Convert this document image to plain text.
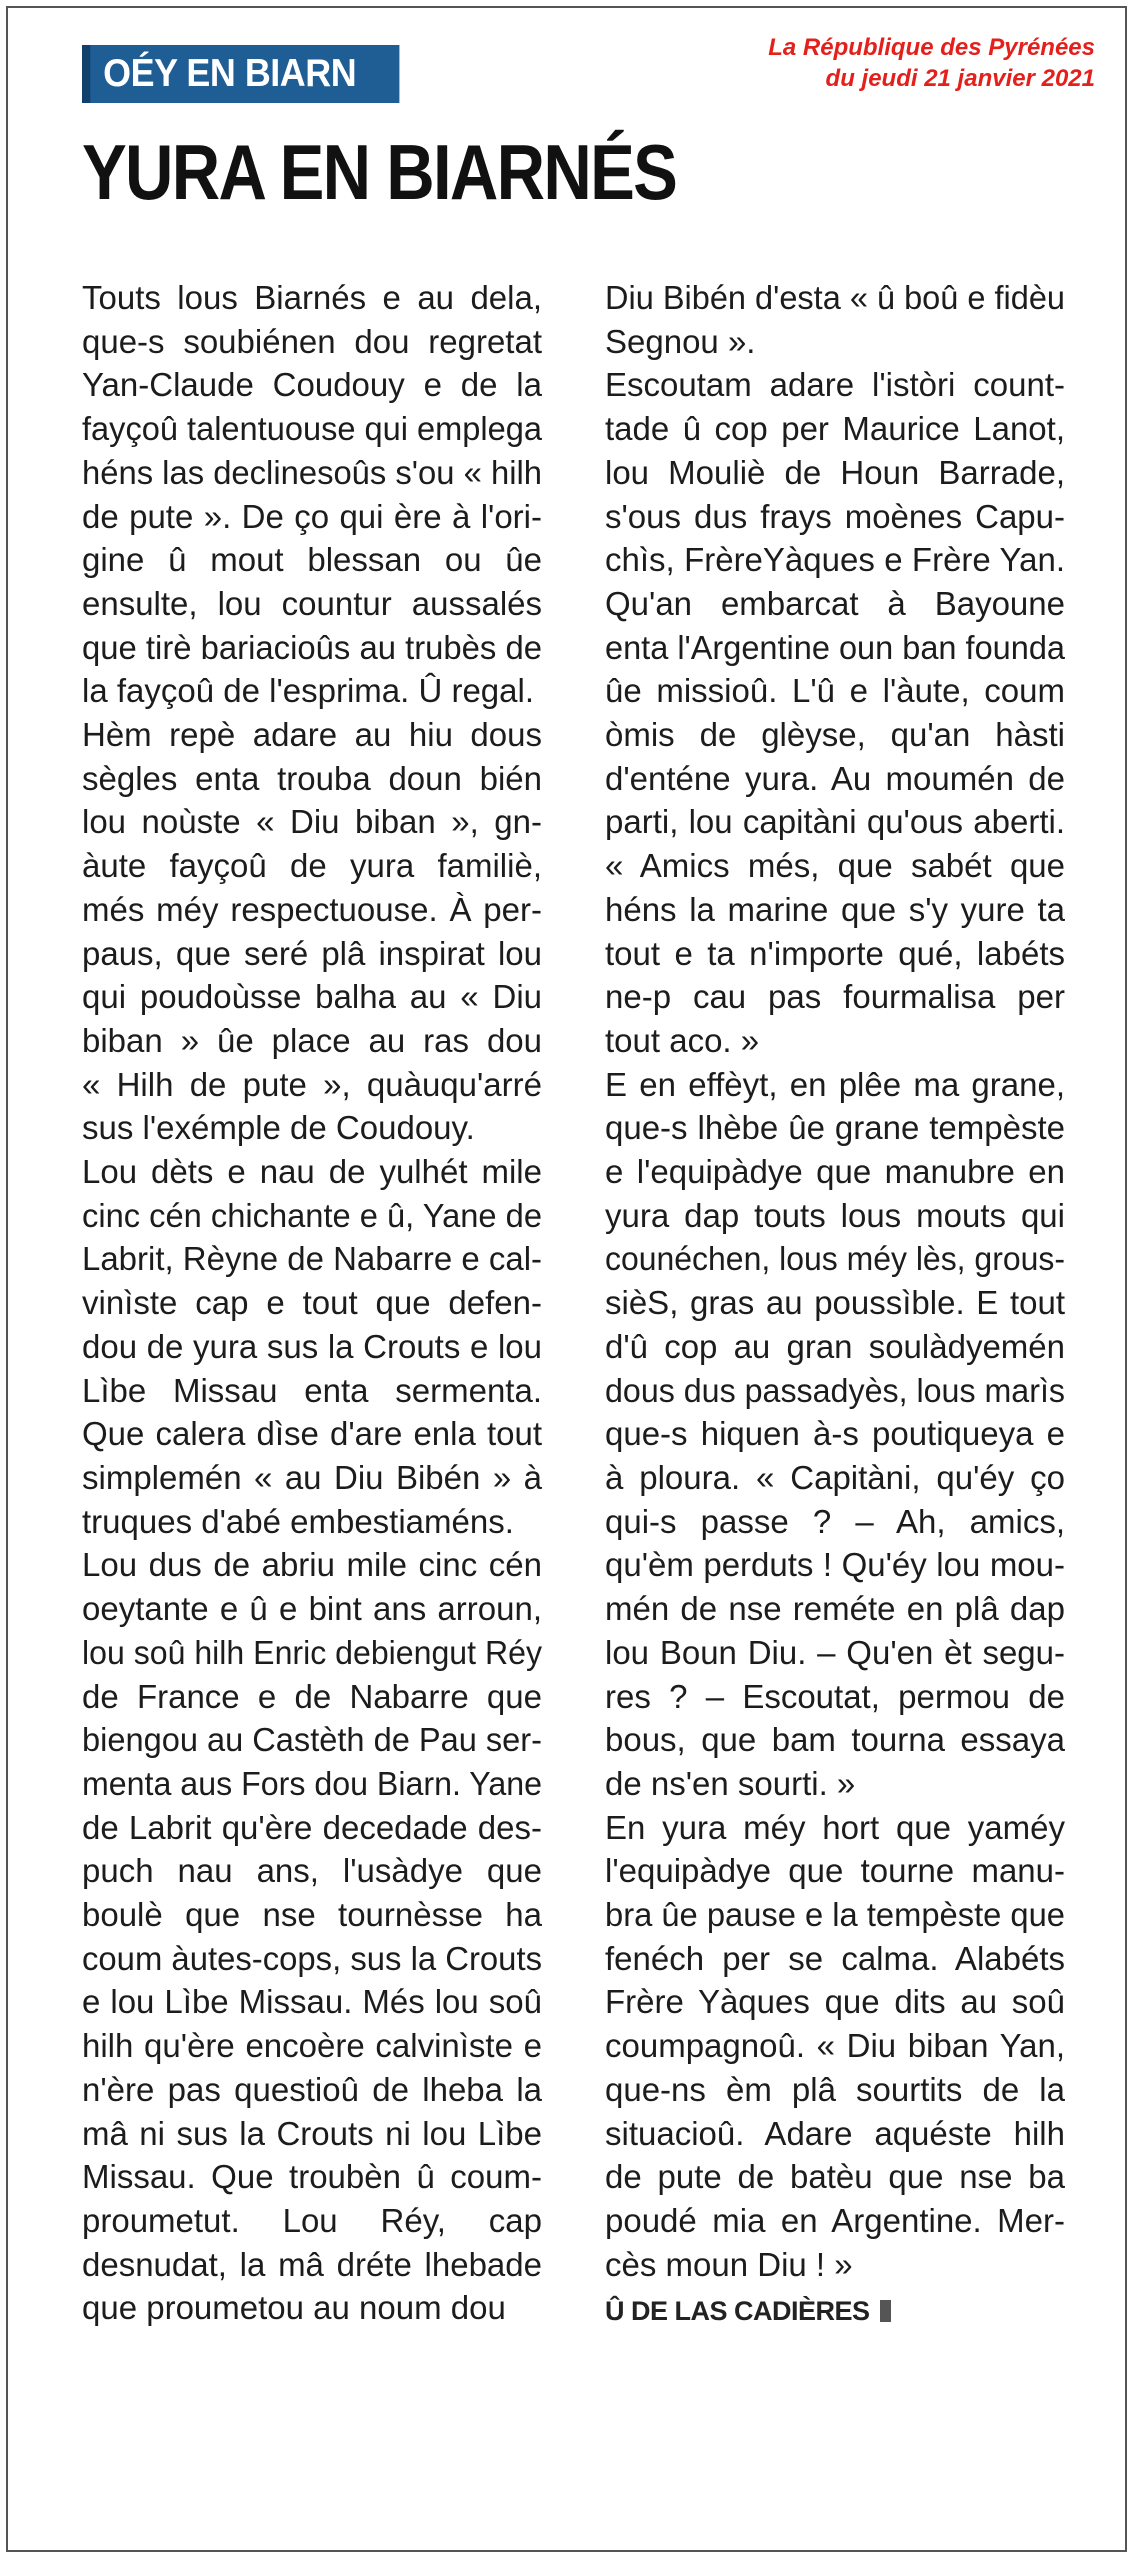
OÉY EN BIARN
La République des Pyrénées
du jeudi 21 janvier 2021
YURA EN BIARNÉS
Touts lous Biarnés e au dela,
que-s soubiénen dou regretat
Yan-Claude Coudouy e de la
fayçoû talentuouse qui emplega
héns las declinesoûs s'ou « hilh
de pute ». De ço qui ère à l'ori-
gine û mout blessan ou ûe
ensulte, lou countur aussalés
que tirè bariacioûs au trubès de
la fayçoû de l'esprima. Û regal.
Hèm repè adare au hiu dous
sègles enta trouba doun bién
lou noùste « Diu biban », gn-
àute fayçoû de yura familiè,
més méy respectuouse. À per-
paus, que seré plâ inspirat lou
qui poudoùsse balha au « Diu
biban » ûe place au ras dou
« Hilh de pute », quàuqu'arré
sus l'exémple de Coudouy.
Lou dèts e nau de yulhét mile
cinc cén chichante e û, Yane de
Labrit, Rèyne de Nabarre e cal-
vinìste cap e tout que defen-
dou de yura sus la Crouts e lou
Lìbe Missau enta sermenta.
Que calera dìse d'are enla tout
simplemén « au Diu Bibén » à
truques d'abé embestiaméns.
Lou dus de abriu mile cinc cén
oeytante e û e bint ans arroun,
lou soû hilh Enric debiengut Réy
de France e de Nabarre que
biengou au Castèth de Pau ser-
menta aus Fors dou Biarn. Yane
de Labrit qu'ère decedade des-
puch nau ans, l'usàdye que
boulè que nse tournèsse ha
coum àutes-cops, sus la Crouts
e lou Lìbe Missau. Més lou soû
hilh qu'ère encoère calvinìste e
n'ère pas questioû de lheba la
mâ ni sus la Crouts ni lou Lìbe
Missau. Que troubèn û coum-
proumetut. Lou Réy, cap
desnudat, la mâ dréte lhebade
que proumetou au noum dou
Diu Bibén d'esta « û boû e fidèu
Segnou ».
Escoutam adare l'istòri count-
tade û cop per Maurice Lanot,
lou Mouliè de Houn Barrade,
s'ous dus frays moènes Capu-
chìs, FrèreYàques e Frère Yan.
Qu'an embarcat à Bayoune
enta l'Argentine oun ban founda
ûe missioû. L'û e l'àute, coum
òmis de glèyse, qu'an hàsti
d'enténe yura. Au moumén de
parti, lou capitàni qu'ous aberti.
« Amics més, que sabét que
héns la marine que s'y yure ta
tout e ta n'importe qué, labéts
ne-p cau pas fourmalisa per
tout aco. »
E en effèyt, en plêe ma grane,
que-s lhèbe ûe grane tempèste
e l'equipàdye que manubre en
yura dap touts lous mouts qui
counéchen, lous méy lès, grous-
sièS, gras au poussìble. E tout
d'û cop au gran soulàdyemén
dous dus passadyès, lous marìs
que-s hiquen à-s poutiqueya e
à ploura. « Capitàni, qu'éy ço
qui-s passe ? – Ah, amics,
qu'èm perduts ! Qu'éy lou mou-
mén de nse reméte en plâ dap
lou Boun Diu. – Qu'en èt segu-
res ? – Escoutat, permou de
bous, que bam tourna essaya
de ns'en sourti. »
En yura méy hort que yaméy
l'equipàdye que tourne manu-
bra ûe pause e la tempèste que
fenéch per se calma. Alabéts
Frère Yàques que dits au soû
coumpagnoû. « Diu biban Yan,
que-ns èm plâ sourtits de la
situacioû. Adare aquéste hilh
de pute de batèu que nse ba
poudé mia en Argentine. Mer-
cès moun Diu ! »
Û DE LAS CADIÈRES
